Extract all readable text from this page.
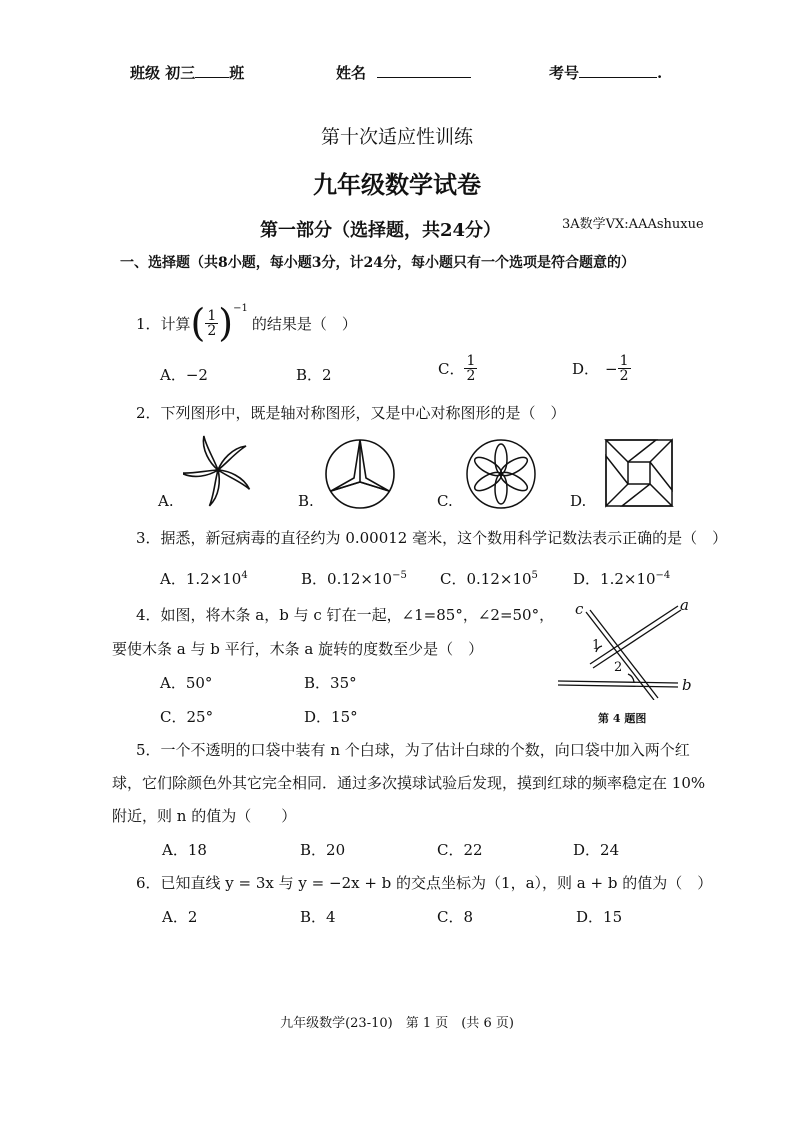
班级 初三 班	姓名	考号	.
第十次适应性训练
九年级数学试卷
第一部分（选择题，共24分）	3A数学VX:AAAshuxue
一、选择题（共8小题，每小题3分，计24分，每小题只有一个选项是符合题意的）
1．计算 ( $\frac{1}{2}$ ) −1
的结果是（　）
A．−2	B．2	C． $\frac{1}{2}$	D． − $\frac{1}{2}$
2．下列图形中，既是轴对称图形，又是中心对称图形的是（　）
A.	B.	C.	D.
3．据悉，新冠病毒的直径约为 0.00012 毫米，这个数用科学记数法表示正确的是（　）
A．$1.2\times 10^4$	B．$0.12\times 10^{-5}$ C．$0.12\times 10^5$ D．$1.2\times 10^{-4}$
4．如图，将木条 a，b 与 c 钉在一起，∠1=85°，∠2=50°，
要使木条 a 与 b 平行，木条 a 旋转的度数至少是（　）
A．50°	B．35°
C．25°	D．15°
c	a
b
1
2
第 4 题图
5．一个不透明的口袋中装有 n 个白球，为了估计白球的个数，向口袋中加入两个红
球，它们除颜色外其它完全相同．通过多次摸球试验后发现，摸到红球的频率稳定在 10%
附近，则 n 的值为（　　）
A．18	B．20	C．22	D．24
6．已知直线 y = 3x 与 y = −2x + b 的交点坐标为（1，a），则 a + b 的值为（　）
A．2	B．4	C．8	D．15
九年级数学(23-10)　第 1 页　(共 6 页)
